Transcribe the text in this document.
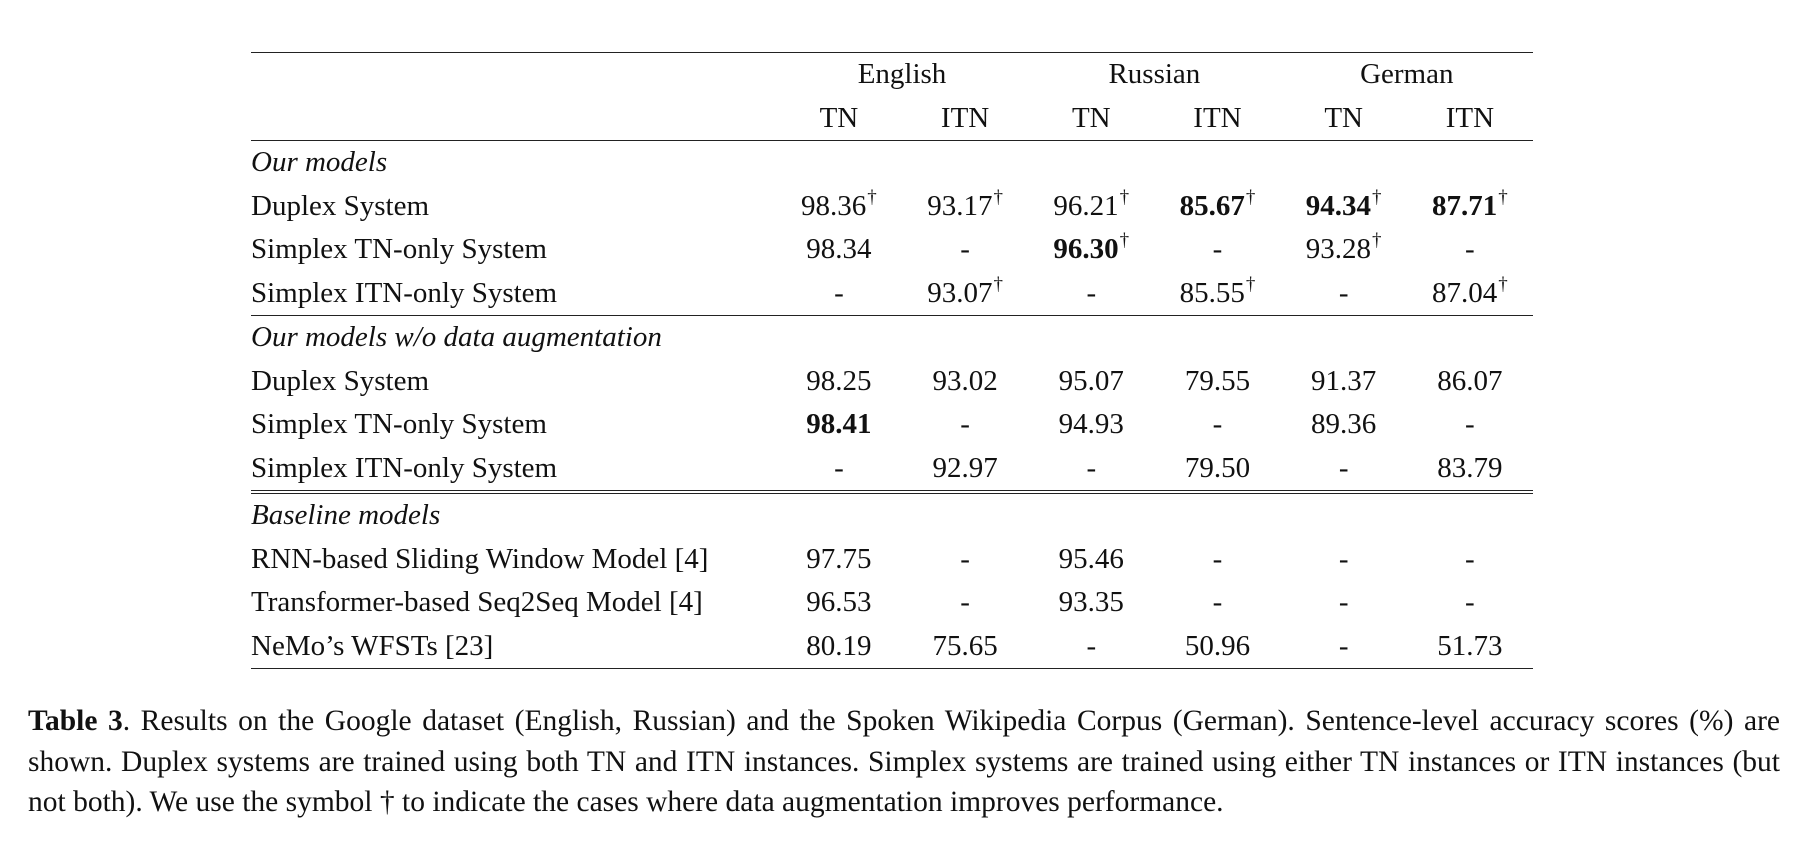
	English		Russian		German	
	TN	ITN	TN	ITN	TN	ITN
Our models						
Duplex System	98.36†	93.17†	96.21†	85.67†	94.34†	87.71†
Simplex TN-only System	98.34	-	96.30†	-	93.28†	-
Simplex ITN-only System	-	93.07†	-	85.55†	-	87.04†
Our models w/o data augmentation						
Duplex System	98.25	93.02	95.07	79.55	91.37	86.07
Simplex TN-only System	98.41	-	94.93	-	89.36	-
Simplex ITN-only System	-	92.97	-	79.50	-	83.79
Baseline models						
RNN-based Sliding Window Model [4]	97.75	-	95.46	-	-	-
Transformer-based Seq2Seq Model [4]	96.53	-	93.35	-	-	-
NeMo’s WFSTs [23]	80.19	75.65	-	50.96	-	51.73
Table 3. Results on the Google dataset (English, Russian) and the Spoken Wikipedia Corpus (German). Sentence-level accuracy scores (%) are shown. Duplex systems are trained using both TN and ITN instances. Simplex systems are trained using either TN instances or ITN instances (but not both). We use the symbol † to indicate the cases where data augmentation improves performance.
